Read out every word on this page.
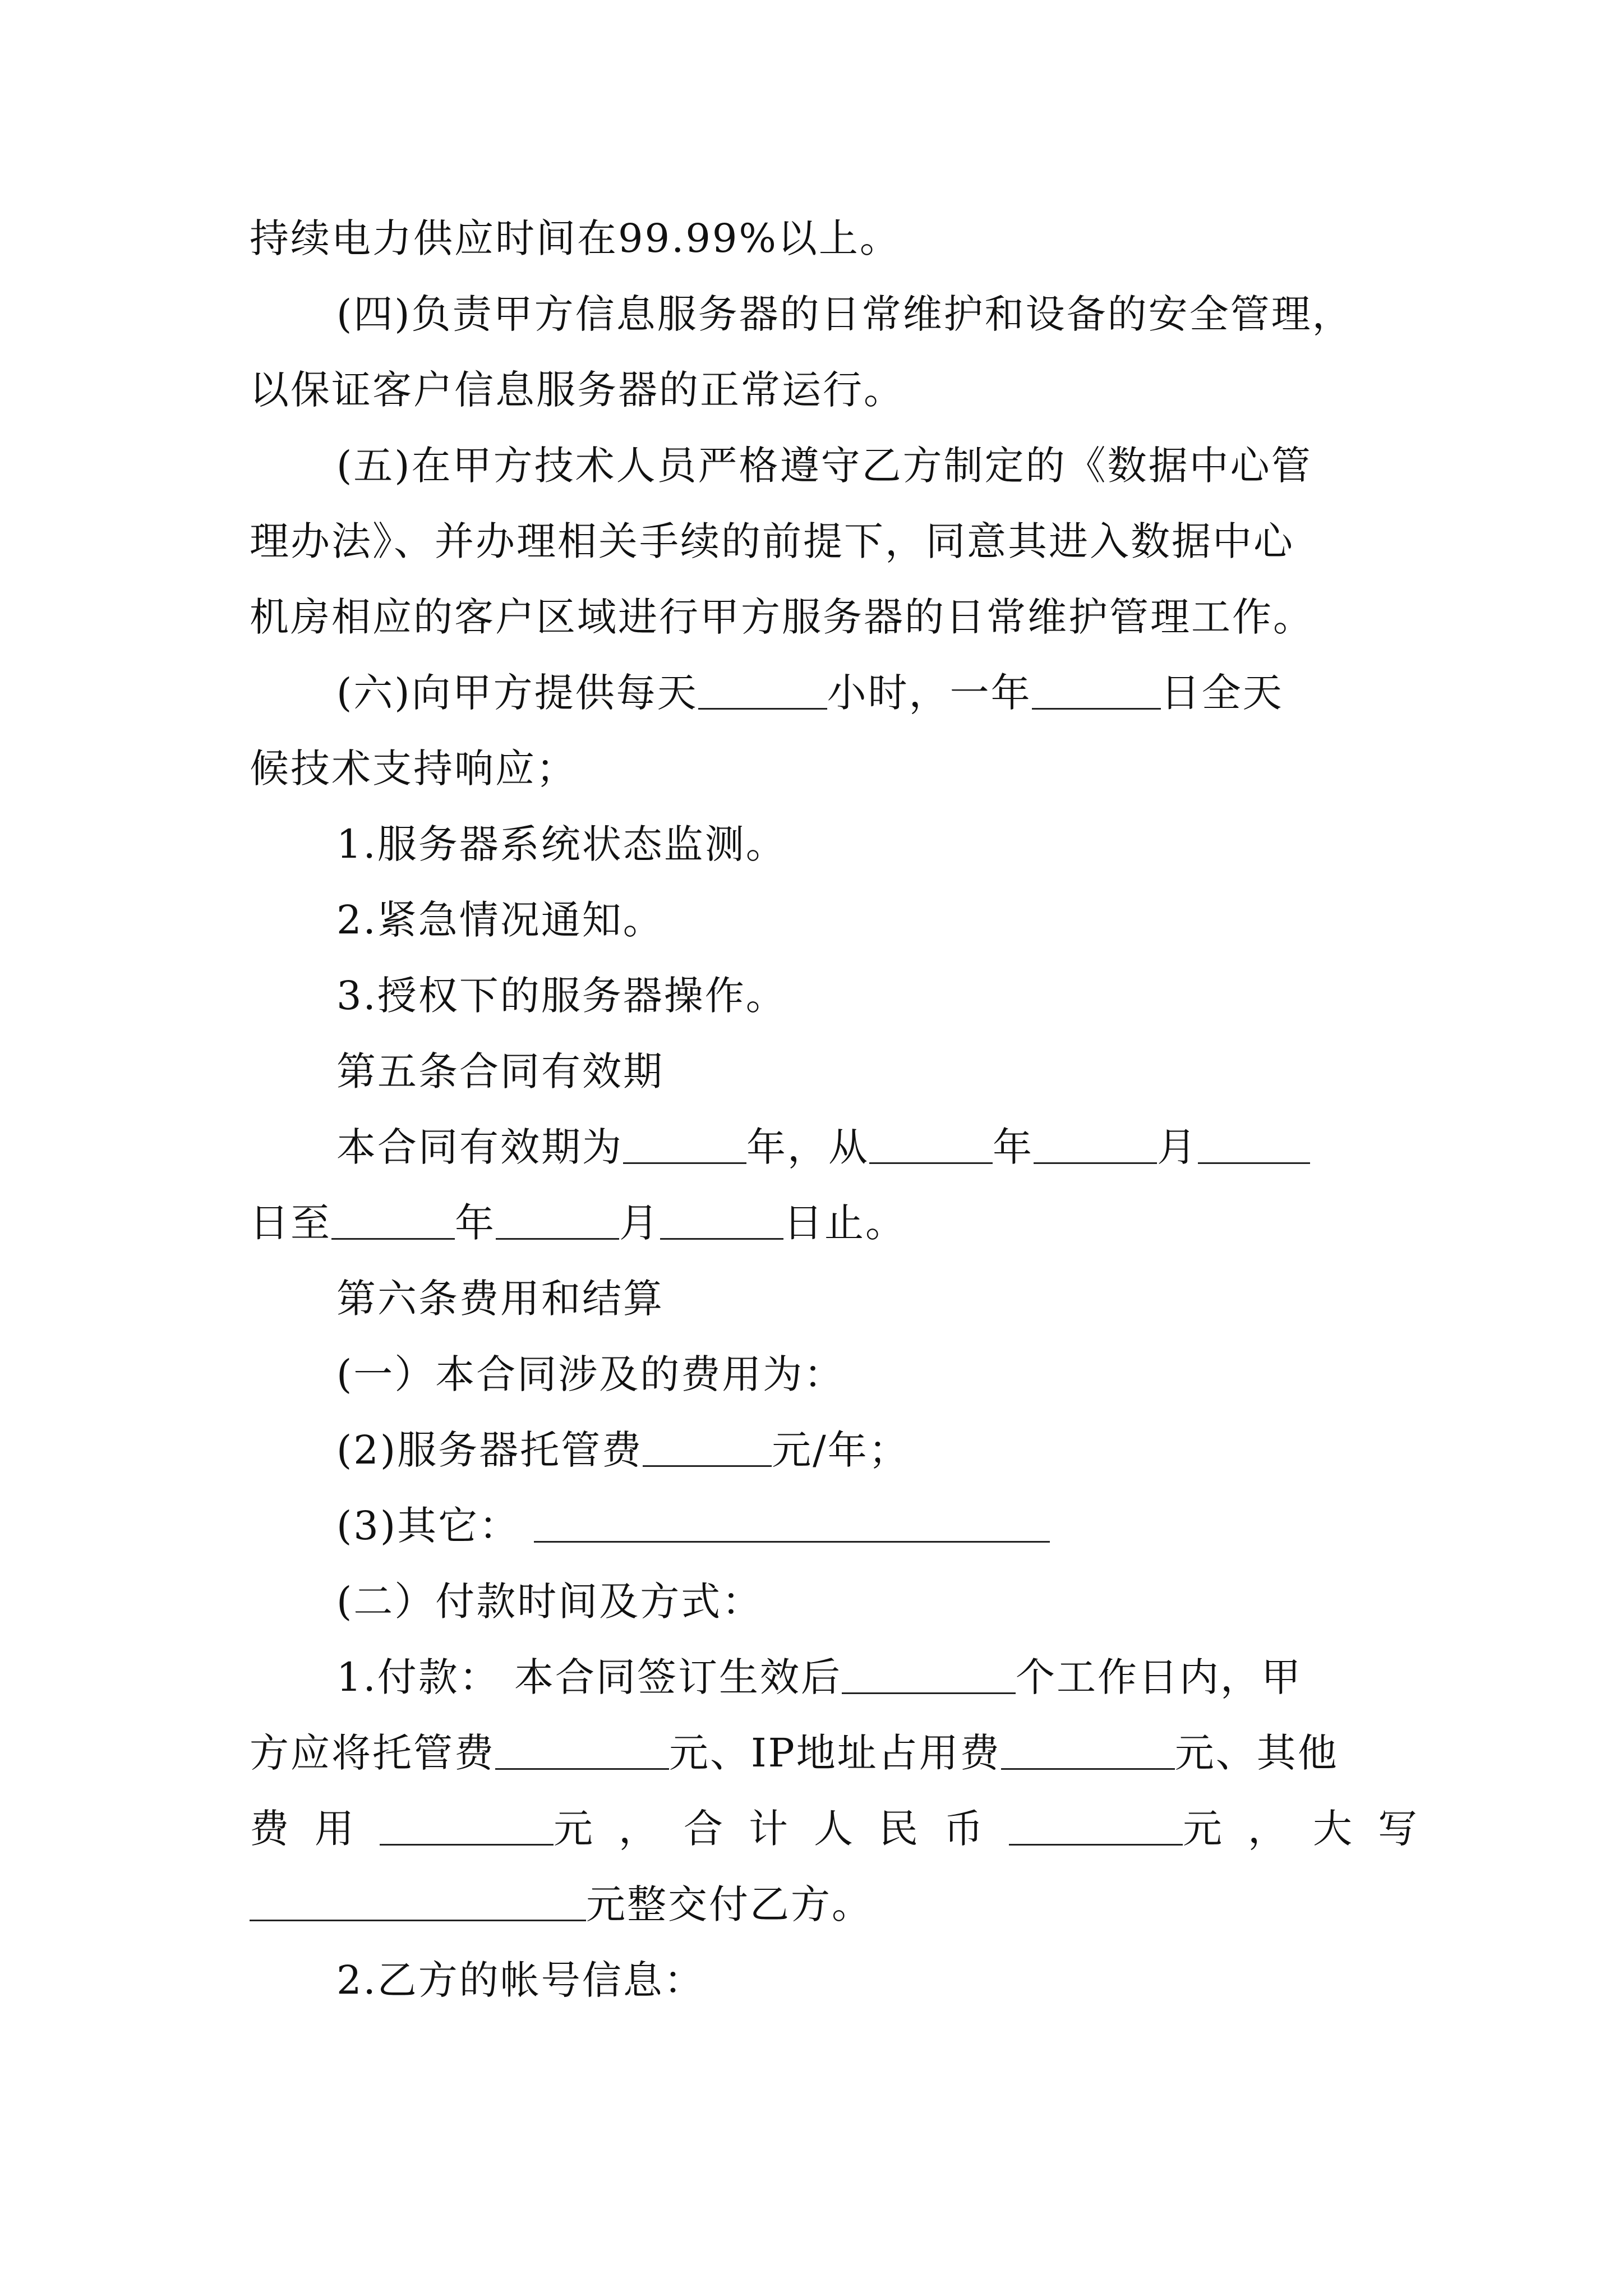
持续电力供应时间在99.99%以上。
(四)负责甲方信息服务器的日常维护和设备的安全管理，
以保证客户信息服务器的正常运行。
(五)在甲方技术人员严格遵守乙方制定的《数据中心管
理办法》、并办理相关手续的前提下，同意其进入数据中心
机房相应的客户区域进行甲方服务器的日常维护管理工作。
(六)向甲方提供每天	小时，一年	日全天
候技术支持响应；
1.服务器系统状态监测。
2.紧急情况通知。
3.授权下的服务器操作。
第五条合同有效期
本合同有效期为	年，从	年	月
日至	年	月	日止。
第六条费用和结算
(一）本合同涉及的费用为：
(2)服务器托管费	元/年；
(3)其它：
(二）付款时间及方式：
1.付款： 本合同签订生效后	个工作日内，甲
方应将托管费	元、IP地址占用费	元、其他
费用	元，合计人民币	元，大写
元整交付乙方。
2.乙方的帐号信息：
